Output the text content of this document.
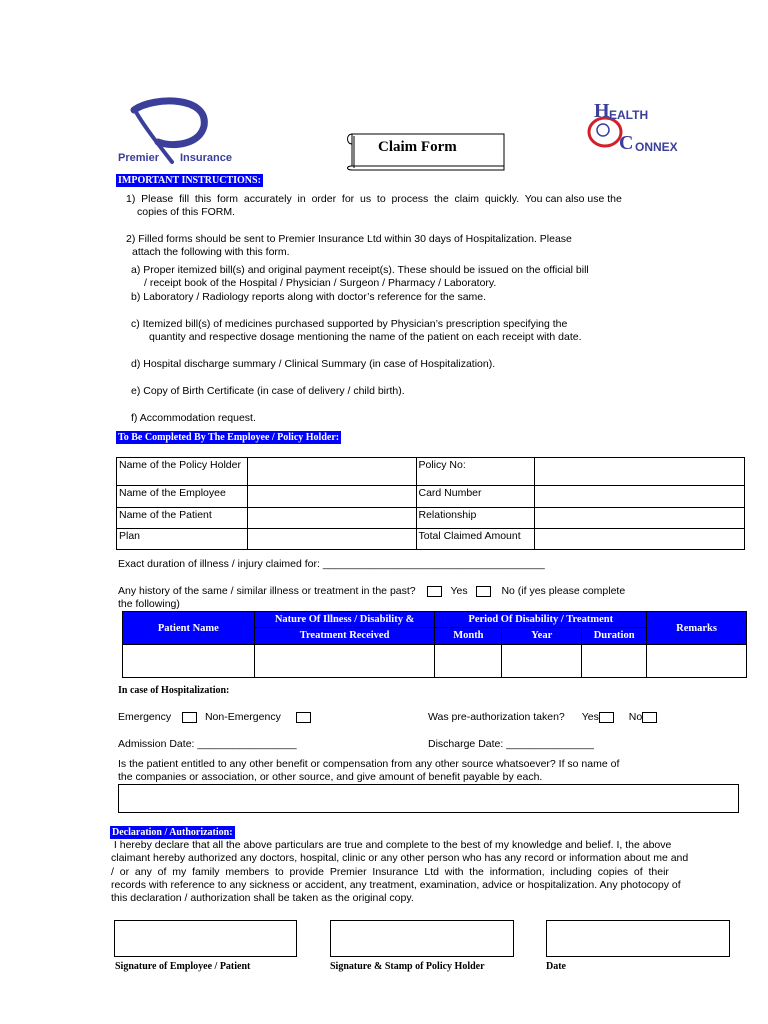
Premier Insurance
Claim Form
H EALTH
C ONNEX
IMPORTANT INSTRUCTIONS:
1)  Please  fill  this  form  accurately  in  order  for  us  to  process  the  claim  quickly.  You can also use the
copies of this FORM.
2) Filled forms should be sent to Premier Insurance Ltd within 30 days of Hospitalization. Please
attach the following with this form.
a) Proper itemized bill(s) and original payment receipt(s). These should be issued on the official bill
/ receipt book of the Hospital / Physician / Surgeon / Pharmacy / Laboratory.
b) Laboratory / Radiology reports along with doctor’s reference for the same.
c) Itemized bill(s) of medicines purchased supported by Physician’s prescription specifying the
quantity and respective dosage mentioning the name of the patient on each receipt with date.
d) Hospital discharge summary / Clinical Summary (in case of Hospitalization).
e) Copy of Birth Certificate (in case of delivery / child birth).
f) Accommodation request.
To Be Completed By The Employee / Policy Holder:
Name of the Policy Holder		Policy No:	
Name of the Employee		Card Number	
Name of the Patient		Relationship	
Plan		Total Claimed Amount	
Exact duration of illness / injury claimed for: ______________________________________
Any history of the same / similar illness or treatment in the past?	Yes	No (if yes please complete
the following)
Patient Name	Nature Of Illness / Disability &	Period Of Disability / Treatment			Remarks
	Treatment Received	Month	Year	Duration	

In case of Hospitalization:
Emergency	Non-Emergency	Was pre-authorization taken? Yes	No
Admission Date: _________________	Discharge Date: _______________
Is the patient entitled to any other benefit or compensation from any other source whatsoever? If so name of
the companies or association, or other source, and give amount of benefit payable by each.
Declaration / Authorization:
I hereby declare that all the above particulars are true and complete to the best of my knowledge and belief. I, the above
claimant hereby authorized any doctors, hospital, clinic or any other person who has any record or information about me and
/  or  any  of  my  family  members  to  provide  Premier  Insurance  Ltd  with  the  information,  including  copies  of  their
records with reference to any sickness or accident, any treatment, examination, advice or hospitalization. Any photocopy of
this declaration / authorization shall be taken as the original copy.
Signature of Employee / Patient	Signature & Stamp of Policy Holder	Date
